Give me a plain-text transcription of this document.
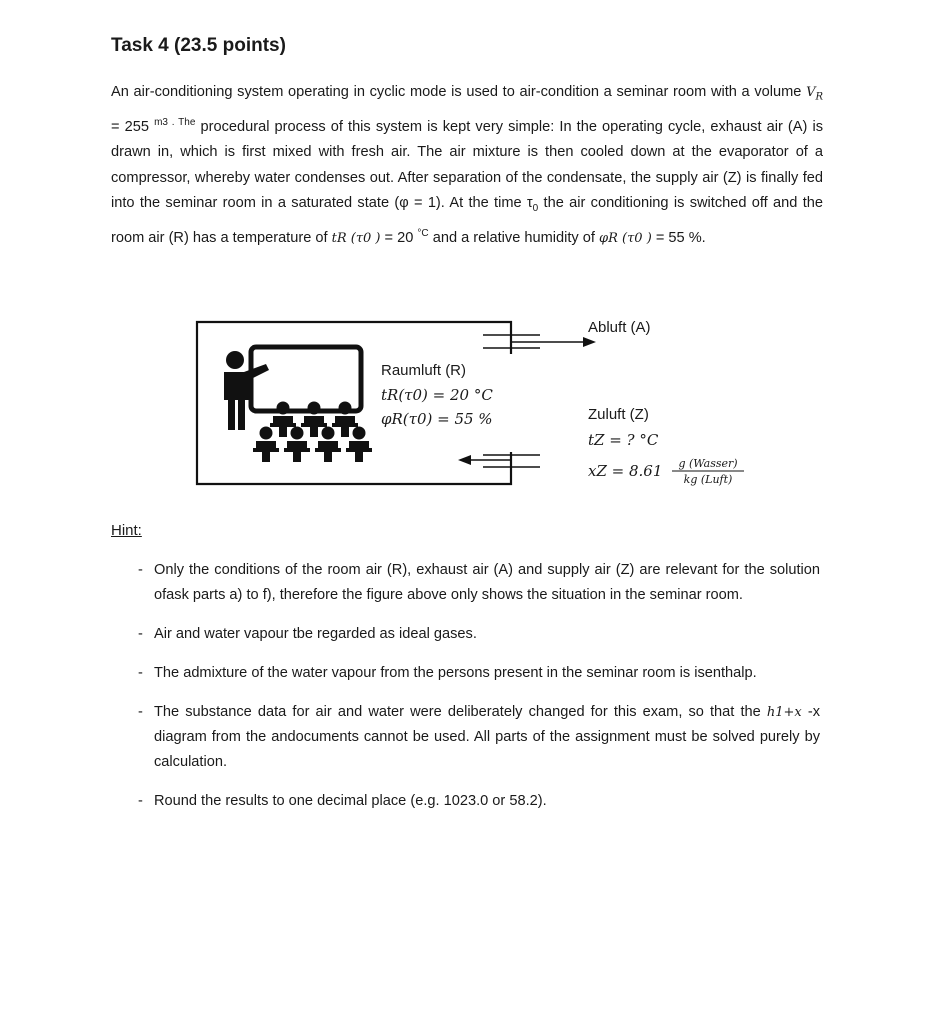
Task 4 (23.5 points)

An air-conditioning system operating in cyclic mode is used to air-condition a seminar room with a volume $V_R = 255$ $^{m3 . The}$ procedural process of this system is kept very simple: In the operating cycle, exhaust air (A) is drawn in, which is first mixed with fresh air. The air mixture is then cooled down at the evaporator of a compressor, whereby water condenses out. After separation of the condensate, the supply air (Z) is finally fed into the seminar room in a saturated state (φ = 1). At the time $\tau_0$ the air conditioning is switched off and the room air (R) has a temperature of tR (τ0 ) = 20 $^{^\circ C}$ and a relative humidity of φR (τ0 ) = 55 %.

Raumluft (R)
tR(τ0) = 20 °C
φR(τ0) = 55 %
Abluft (A)
Zuluft (Z)
tZ = ? °C
xZ = 8.61 g (Wasser)
kg (Luft)

Hint:

- Only the conditions of the room air (R), exhaust air (A) and supply air (Z) are relevant for the solution ofask parts a) to f), therefore the figure above only shows the situation in the seminar room.
- Air and water vapour tbe regarded as ideal gases.
- The admixture of the water vapour from the persons present in the seminar room is isenthalp.
- The substance data for air and water were deliberately changed for this exam, so that the h1+x -x diagram from the andocuments cannot be used. All parts of the assignment must be solved purely by calculation.
- Round the results to one decimal place (e.g. 1023.0 or 58.2).
